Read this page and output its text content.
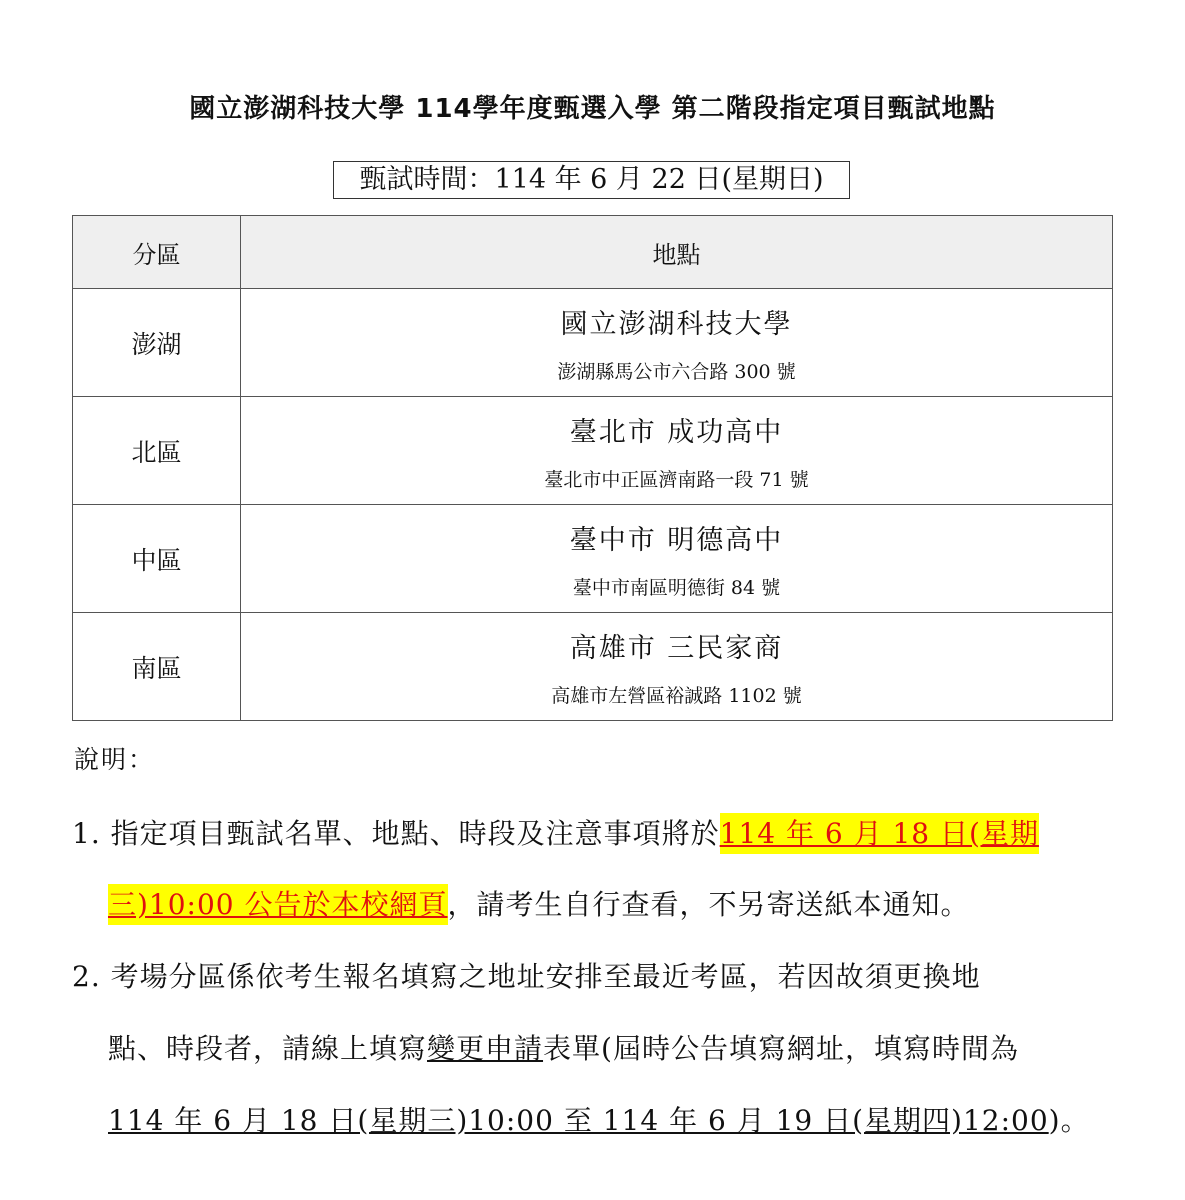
國立澎湖科技大學 114學年度甄選入學 第二階段指定項目甄試地點
甄試時間：114 年 6 月 22 日(星期日)
分區	地點
澎湖	國立澎湖科技大學
澎湖縣馬公市六合路 300 號

北區	臺北市 成功高中
臺北市中正區濟南路一段 71 號

中區	臺中市 明德高中
臺中市南區明德街 84 號

南區	高雄市 三民家商
高雄市左營區裕誠路 1102 號
說明：
1. 指定項目甄試名單、地點、時段及注意事項將於114 年 6 月 18 日(星期
三)10:00 公告於本校網頁，請考生自行查看，不另寄送紙本通知。
2. 考場分區係依考生報名填寫之地址安排至最近考區，若因故須更換地
點、時段者，請線上填寫變更申請表單(屆時公告填寫網址，填寫時間為
114 年 6 月 18 日(星期三)10:00 至 114 年 6 月 19 日(星期四)12:00)。
